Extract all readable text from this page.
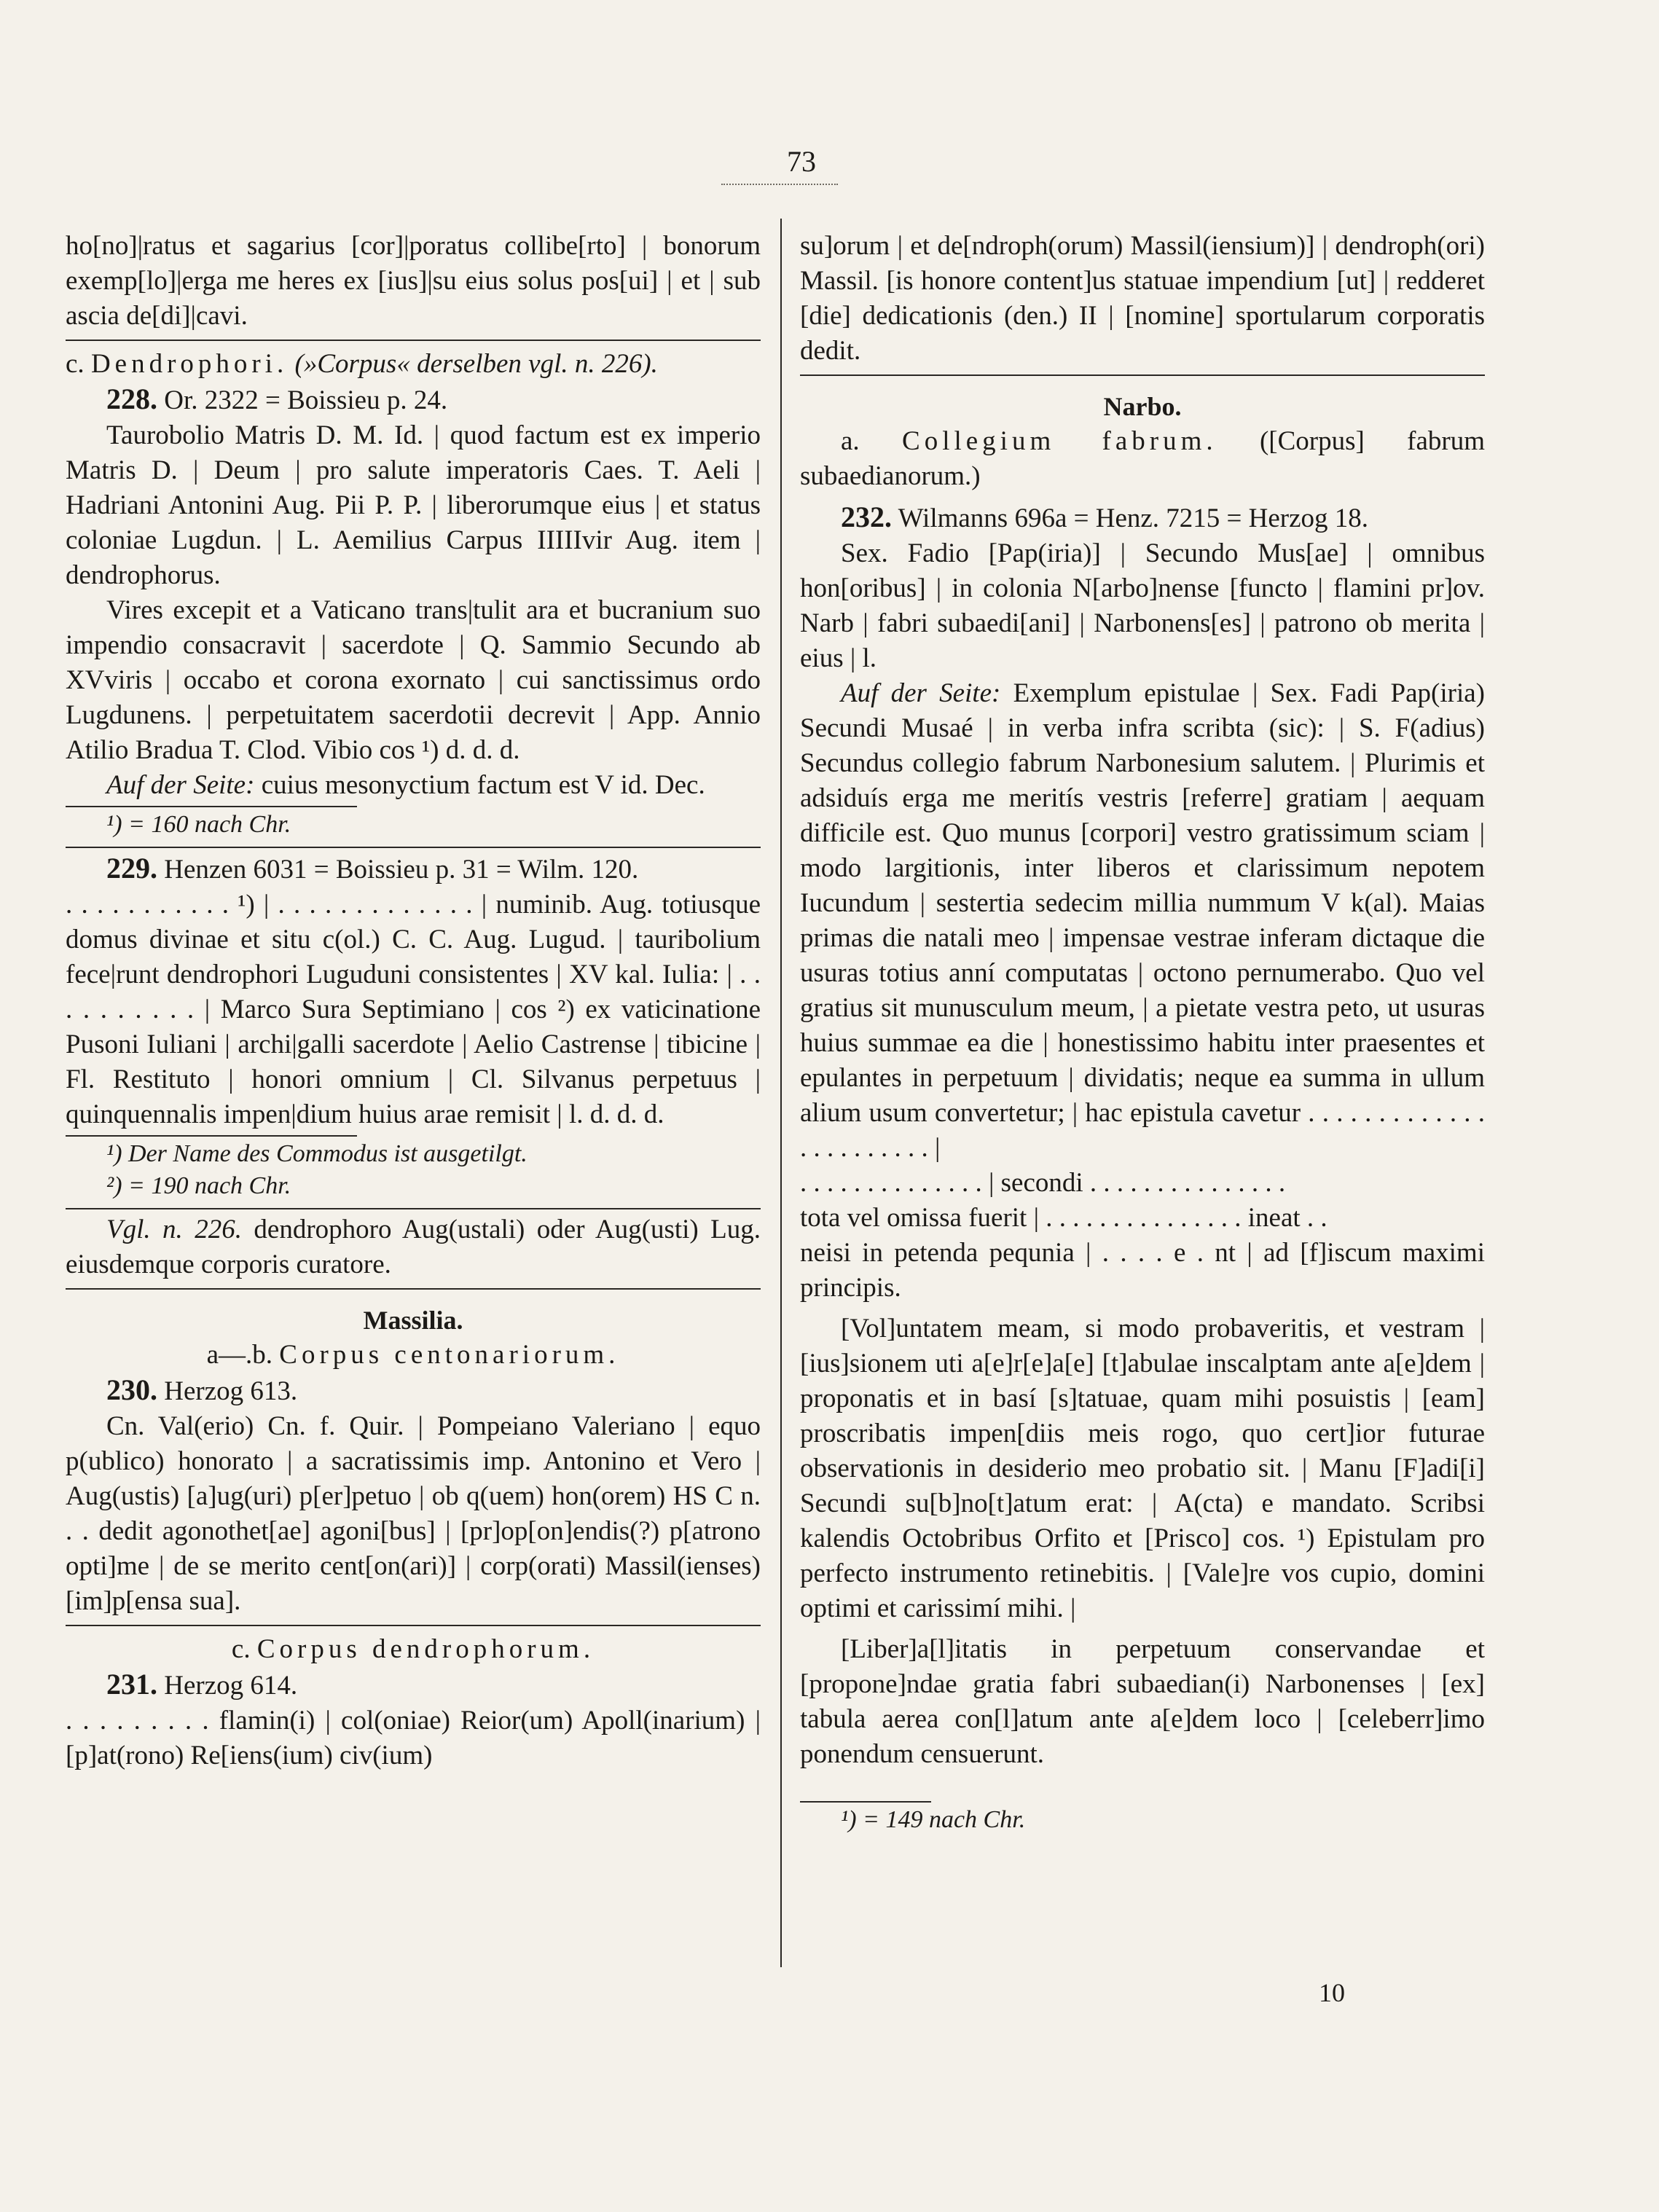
73

ho[no]|ratus et sagarius [cor]|poratus collibe[rto] | bonorum exemp[lo]|erga me heres ex [ius]|su eius solus pos[ui] | et | sub ascia de[di]|cavi.

c. Dendrophori. (»Corpus« derselben vgl. n. 226).

228. Or. 2322 = Boissieu p. 24.

Taurobolio Matris D. M. Id. | quod factum est ex imperio Matris D. | Deum | pro salute imperatoris Caes. T. Aeli | Hadriani Antonini Aug. Pii P. P. | liberorumque eius | et status coloniae Lugdun. | L. Aemilius Carpus IIIIIvir Aug. item | dendrophorus.

Vires excepit et a Vaticano trans|tulit ara et bucranium suo impendio consacravit | sacerdote | Q. Sammio Secundo ab XVviris | occabo et corona exornato | cui sanctissimus ordo Lugdunens. | perpetuitatem sacerdotii decrevit | App. Annio Atilio Bradua T. Clod. Vibio cos ¹) d. d. d.

Auf der Seite: cuius mesonyctium factum est V id. Dec.

¹) = 160 nach Chr.

229. Henzen 6031 = Boissieu p. 31 = Wilm. 120.

. . . . . . . . . . . ¹) | . . . . . . . . . . . . . | numinib. Aug. totiusque domus divinae et situ c(ol.) C. C. Aug. Lugud. | tauribolium fece|runt dendrophori Luguduni consistentes | XV kal. Iulia: | . . . . . . . . . . | Marco Sura Septimiano | cos ²) ex vaticinatione Pusoni Iuliani | archi|galli sacerdote | Aelio Castrense | tibicine | Fl. Restituto | honori omnium | Cl. Silvanus perpetuus | quinquennalis impen|dium huius arae remisit | l. d. d. d.

¹) Der Name des Commodus ist ausgetilgt.

²) = 190 nach Chr.

Vgl. n. 226. dendrophoro Aug(ustali) oder Aug(usti) Lug. eiusdemque corporis curatore.

Massilia.

a—.b. Corpus centonariorum.

230. Herzog 613.

Cn. Val(erio) Cn. f. Quir. | Pompeiano Valeriano | equo p(ublico) honorato | a sacratissimis imp. Antonino et Vero | Aug(ustis) [a]ug(uri) p[er]petuo | ob q(uem) hon(orem) HS C n. . . dedit agonothet[ae] agoni[bus] | [pr]op[on]endis(?) p[atrono opti]me | de se merito cent[on(ari)] | corp(orati) Massil(ienses) [im]p[ensa sua].

c. Corpus dendrophorum.

231. Herzog 614.

. . . . . . . . . flamin(i) | col(oniae) Reior(um) Apoll(inarium) | [p]at(rono) Re[iens(ium) civ(ium)

su]orum | et de[ndroph(orum) Massil(iensium)] | dendroph(ori) Massil. [is honore content]us statuae impendium [ut] | redderet [die] dedicationis (den.) II | [nomine] sportularum corporatis dedit.

Narbo.

a. Collegium fabrum. ([Corpus] fabrum subaedianorum.)

232. Wilmanns 696a = Henz. 7215 = Herzog 18.

Sex. Fadio [Pap(iria)] | Secundo Mus[ae] | omnibus hon[oribus] | in colonia N[arbo]nense [functo | flamini pr]ov. Narb | fabri subaedi[ani] | Narbonens[es] | patrono ob merita | eius | l.

Auf der Seite: Exemplum epistulae | Sex. Fadi Pap(iria) Secundi Musaé | in verba infra scribta (sic): | S. F(adius) Secundus collegio fabrum Narbonesium salutem. | Plurimis et adsiduís erga me meritís vestris [referre] gratiam | aequam difficile est. Quo munus [corpori] vestro gratissimum sciam | modo largitionis, inter liberos et clarissimum nepotem Iucundum | sestertia sedecim millia nummum V k(al). Maias primas die natali meo | impensae vestrae inferam dictaque die usuras totius anní computatas | octono pernumerabo. Quo vel gratius sit munusculum meum, | a pietate vestra peto, ut usuras huius summae ea die | honestissimo habitu inter praesentes et epulantes in perpetuum | dividatis; neque ea summa in ullum alium usum convertetur; | hac epistula cavetur . . . . . . . . . . . . . . . . . . . . . . . |

. . . . . . . . . . . . . . | secondi . . . . . . . . . . . . . . .

tota vel omissa fuerit | . . . . . . . . . . . . . . . ineat . .

neisi in petenda pequnia | . . . . e . nt | ad [f]iscum maximi principis.

[Vol]untatem meam, si modo probaveritis, et vestram | [ius]sionem uti a[e]r[e]a[e] [t]abulae inscalptam ante a[e]dem | proponatis et in basí [s]tatuae, quam mihi posuistis | [eam] proscribatis impen[diis meis rogo, quo cert]ior futurae observationis in desiderio meo probatio sit. | Manu [F]adi[i] Secundi su[b]no[t]atum erat: | A(cta) e mandato. Scribsi kalendis Octobribus Orfito et [Prisco] cos. ¹) Epistulam pro perfecto instrumento retinebitis. | [Vale]re vos cupio, domini optimi et carissimí mihi. |

[Liber]a[l]itatis in perpetuum conservandae et [propone]ndae gratia fabri subaedian(i) Narbonenses | [ex] tabula aerea con[l]atum ante a[e]dem loco | [celeberr]imo ponendum censuerunt.

¹) = 149 nach Chr.

10
